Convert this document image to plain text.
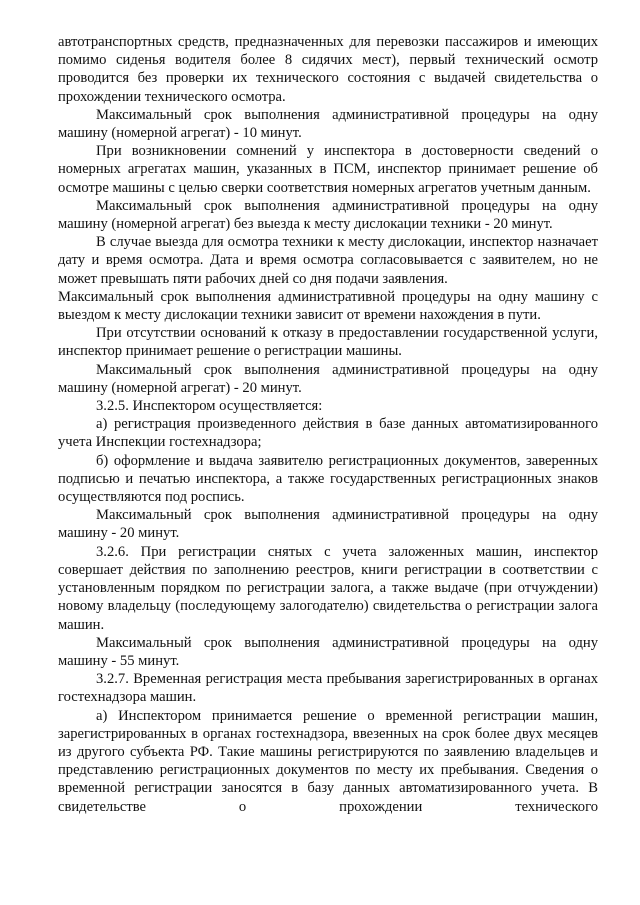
автотранспортных средств, предназначенных для перевозки пассажиров и имеющих помимо сиденья водителя более 8 сидячих мест), первый технический осмотр проводится без проверки их технического состояния с выдачей свидетельства о прохождении технического осмотра.

Максимальный срок выполнения административной процедуры на одну машину (номерной агрегат) - 10 минут.

При возникновении сомнений у инспектора в достоверности сведений о номерных агрегатах машин, указанных в ПСМ, инспектор принимает решение об осмотре машины с целью сверки соответствия номерных агрегатов учетным данным.

Максимальный срок выполнения административной процедуры на одну машину (номерной агрегат) без выезда к месту дислокации техники - 20 минут.

В случае выезда для осмотра техники к месту дислокации, инспектор назначает дату и время осмотра. Дата и время осмотра согласовывается с заявителем, но не может превышать пяти рабочих дней со дня подачи заявления.

Максимальный срок выполнения административной процедуры на одну машину с выездом к месту дислокации техники зависит от времени нахождения в пути.

При отсутствии оснований к отказу в предоставлении государственной услуги, инспектор принимает решение о регистрации машины.

Максимальный срок выполнения административной процедуры на одну машину (номерной агрегат) - 20 минут.

3.2.5. Инспектором осуществляется:

а) регистрация произведенного действия в базе данных автоматизированного учета Инспекции гостехнадзора;

б) оформление и выдача заявителю регистрационных документов, заверенных подписью и печатью инспектора, а также государственных регистрационных знаков осуществляются под роспись.

Максимальный срок выполнения административной процедуры на одну машину - 20 минут.

3.2.6. При регистрации снятых с учета заложенных машин, инспектор совершает действия по заполнению реестров, книги регистрации в соответствии с установленным порядком по регистрации залога, а также выдаче (при отчуждении) новому владельцу (последующему залогодателю) свидетельства о регистрации залога машин.

Максимальный срок выполнения административной процедуры на одну машину - 55 минут.

3.2.7. Временная регистрация места пребывания зарегистрированных в органах гостехнадзора машин.

а) Инспектором принимается решение о временной регистрации машин, зарегистрированных в органах гостехнадзора, ввезенных на срок более двух месяцев из другого субъекта РФ. Такие машины регистрируются по заявлению владельцев и представлению регистрационных документов по месту их пребывания. Сведения о временной регистрации заносятся в базу данных автоматизированного учета. В свидетельстве о прохождении технического
